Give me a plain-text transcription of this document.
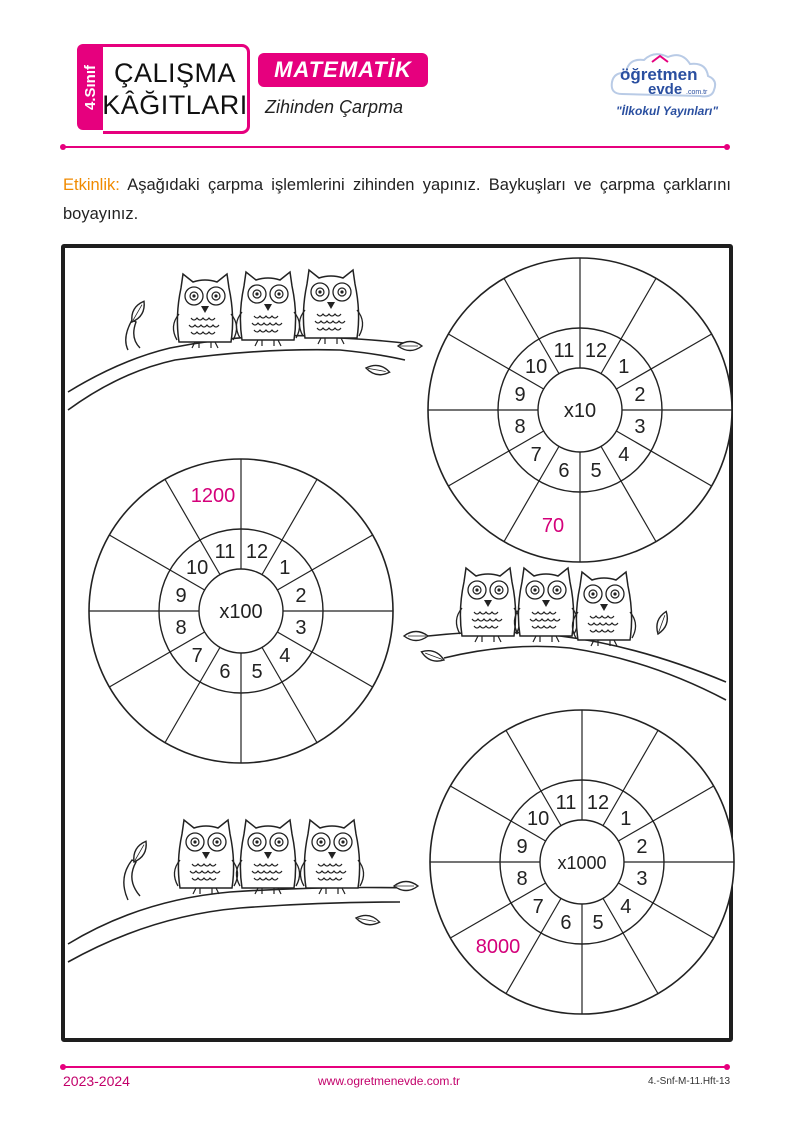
4.Sınıf ÇALIŞMA
KÂĞITLARI
MATEMATİK
Zihinden Çarpma
öğretmen
evde .com.tr
"İlkokul Yayınları"
Etkinlik: Aşağıdaki çarpma işlemlerini zihinden yapınız. Baykuşları ve çarpma çarklarını boyayınız.
12
1
2
3
4
5
6
7
8
9
10
11
x10
70
12
1
2
3
4
5
6
7
8
9
10
11
x100
1200
12
1
2
3
4
5
6
7
8
9
10
11
x1000
8000
2023-2024	www.ogretmenevde.com.tr	4.-Snf-M-11.Hft-13
